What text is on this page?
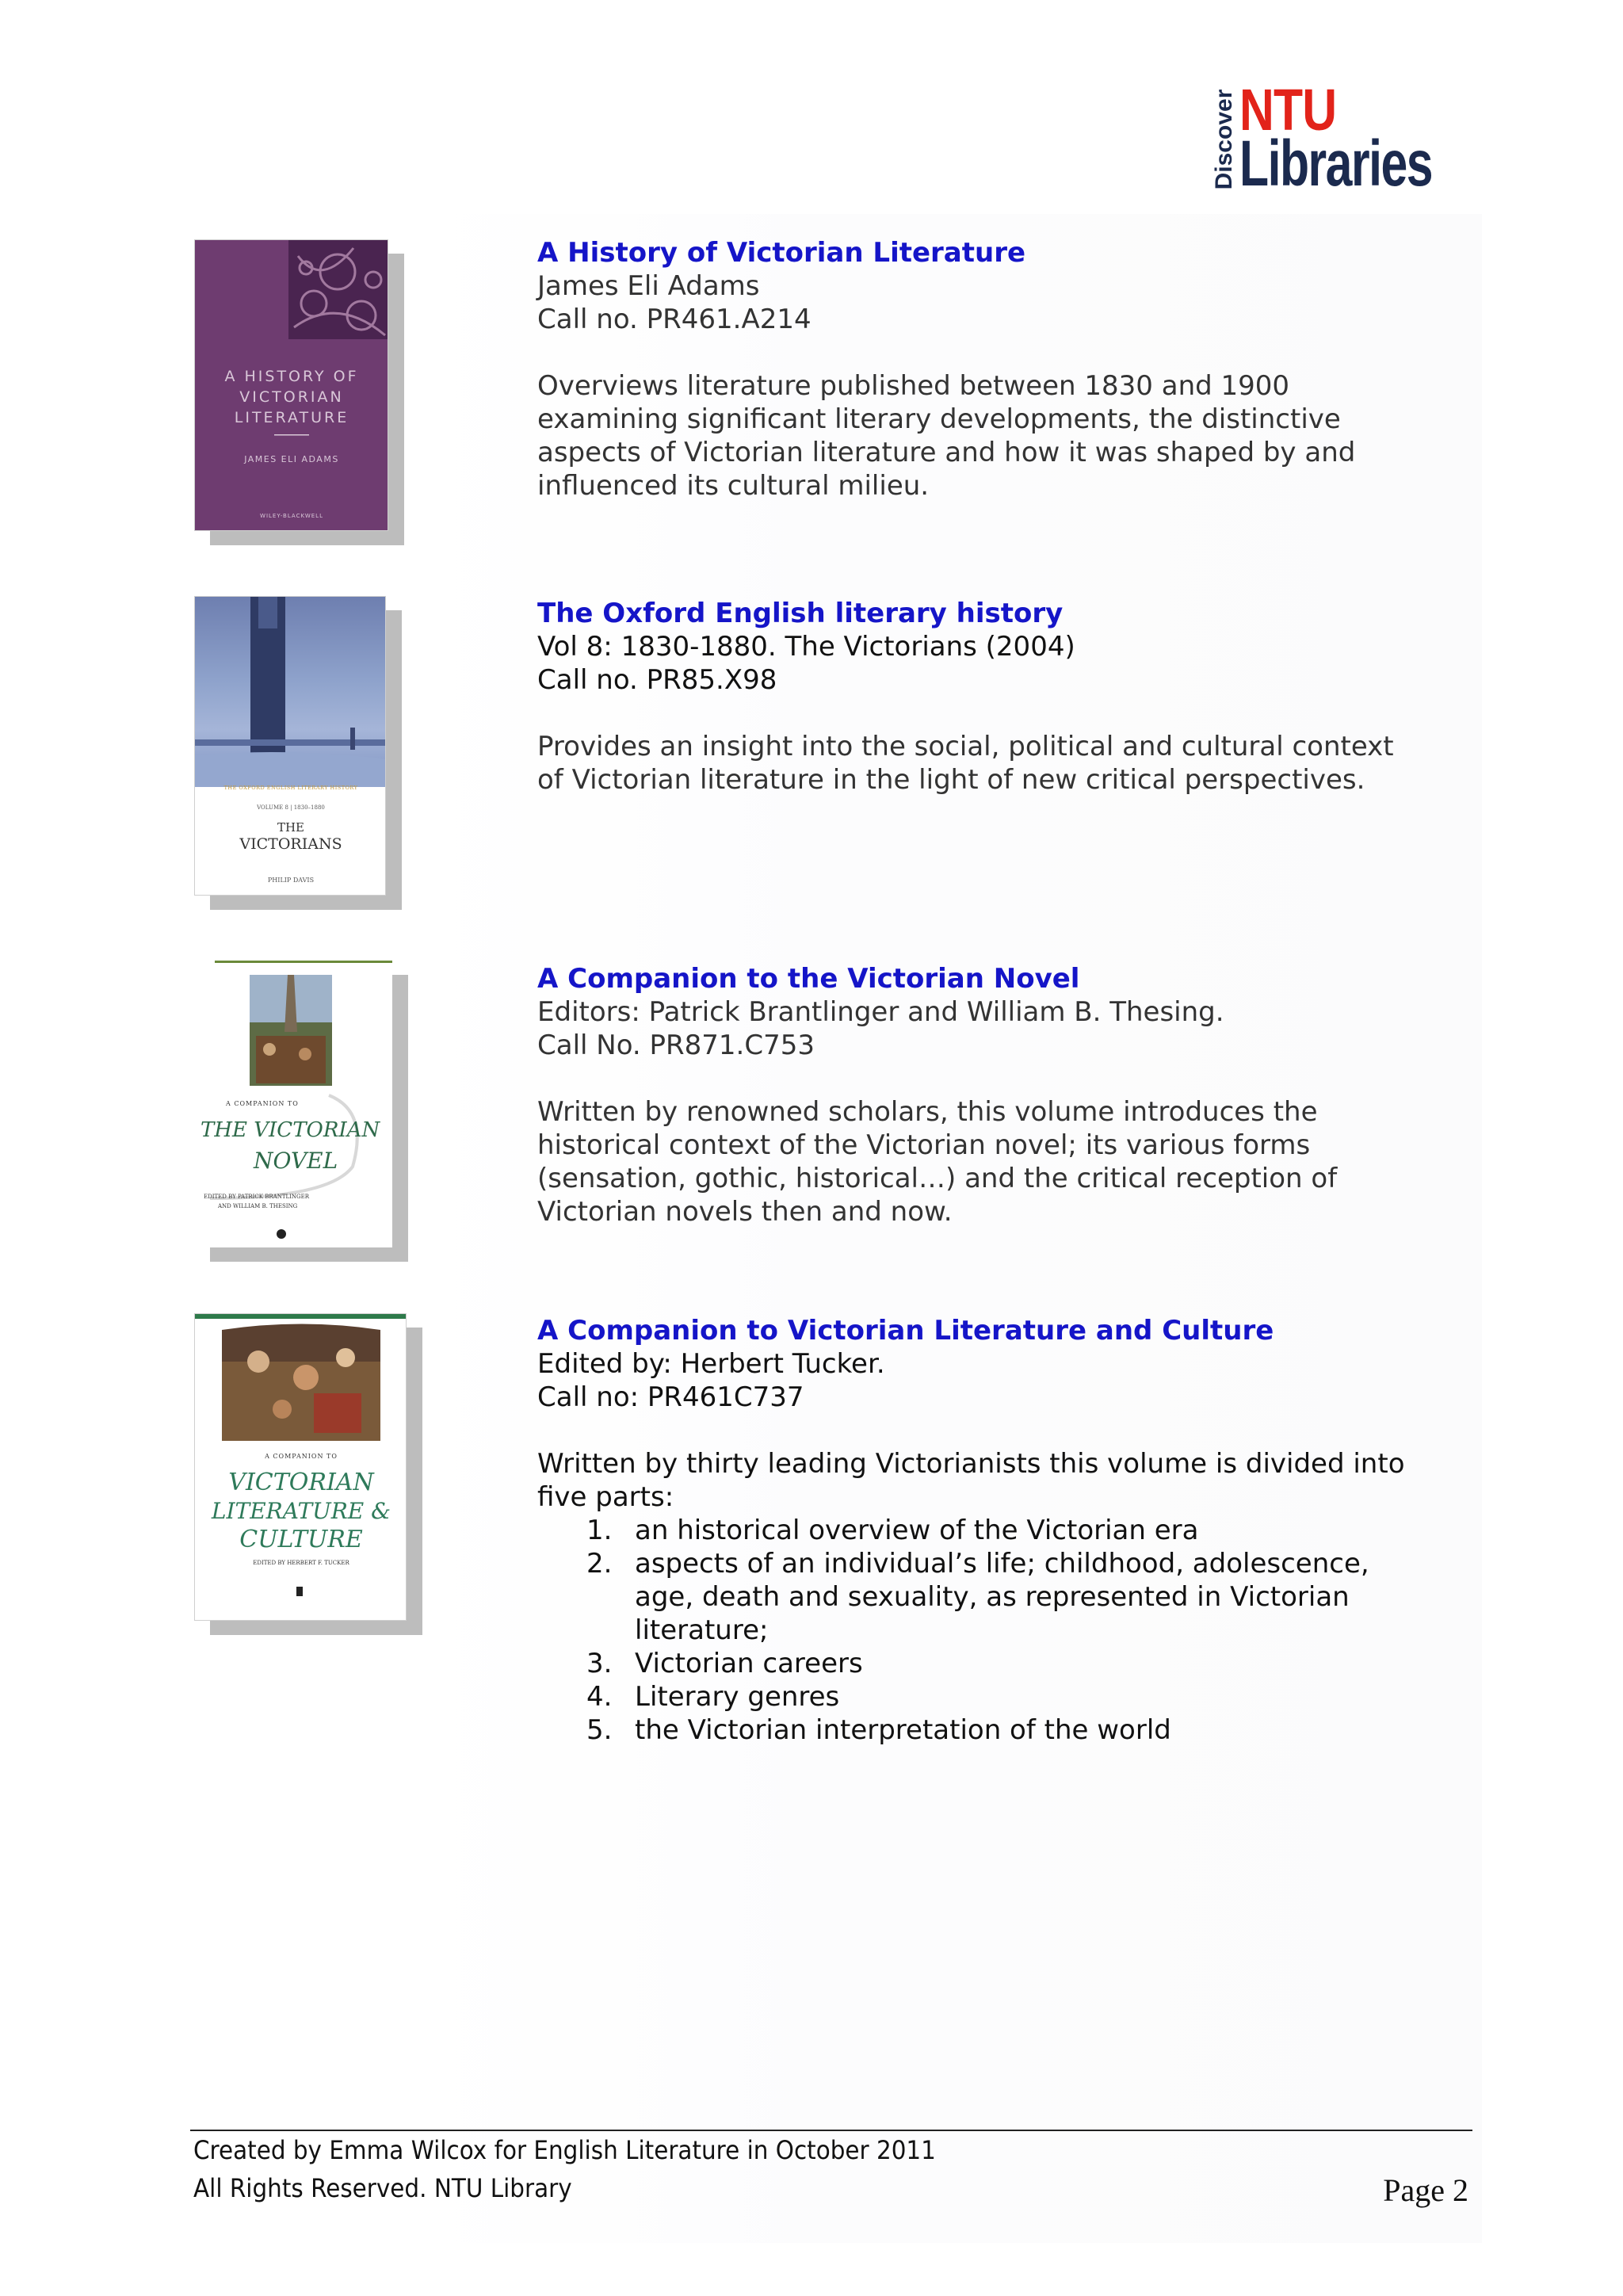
Discover NTU
Libraries
A HISTORY OF
VICTORIAN
LITERATURE
JAMES ELI ADAMS
WILEY-BLACKWELL
THE OXFORD ENGLISH LITERARY HISTORY
VOLUME 8 | 1830–1880
THE
VICTORIANS
PHILIP DAVIS
A COMPANION TO
THE VICTORIAN
NOVEL
EDITED BY PATRICK BRANTLINGER
AND WILLIAM B. THESING
A COMPANION TO
VICTORIAN
LITERATURE &
CULTURE
EDITED BY HERBERT F. TUCKER
A History of Victorian Literature
James Eli Adams
Call no. PR461.A214
Overviews literature published between 1830 and 1900
examining significant literary developments, the distinctive
aspects of Victorian literature and how it was shaped by and
influenced its cultural milieu.
The Oxford English literary history
Vol 8: 1830-1880. The Victorians (2004)
Call no. PR85.X98
Provides an insight into the social, political and cultural context
of Victorian literature in the light of new critical perspectives.
A Companion to the Victorian Novel
Editors: Patrick Brantlinger and William B. Thesing.
Call No. PR871.C753
Written by renowned scholars, this volume introduces the
historical context of the Victorian novel; its various forms
(sensation, gothic, historical…) and the critical reception of
Victorian novels then and now.
A Companion to Victorian Literature and Culture
Edited by: Herbert Tucker.
Call no: PR461C737
Written by thirty leading Victorianists this volume is divided into
five parts:
1. an historical overview of the Victorian era
2. aspects of an individual’s life; childhood, adolescence,
age, death and sexuality, as represented in Victorian
literature;
3. Victorian careers
4. Literary genres
5. the Victorian interpretation of the world
Created by Emma Wilcox for English Literature in October 2011
All Rights Reserved. NTU Library	Page 2
